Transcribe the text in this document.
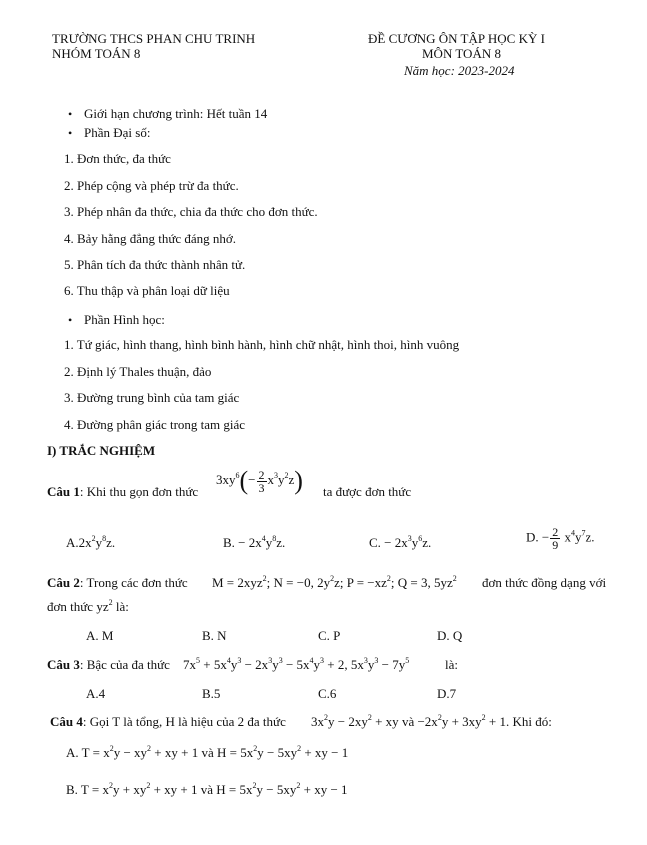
TRƯỜNG THCS PHAN CHU TRINH
NHÓM TOÁN 8
ĐỀ CƯƠNG ÔN TẬP HỌC KỲ I
MÔN TOÁN 8
Năm học: 2023-2024
• Giới hạn chương trình: Hết tuần 14
• Phần Đại số:
1. Đơn thức, đa thức
2. Phép cộng và phép trừ đa thức.
3. Phép nhân đa thức, chia đa thức cho đơn thức.
4. Bảy hằng đẳng thức đáng nhớ.
5. Phân tích đa thức thành nhân tử.
6. Thu thập và phân loại dữ liệu
• Phần Hình học:
1. Tứ giác, hình thang, hình bình hành, hình chữ nhật, hình thoi, hình vuông
2. Định lý Thales thuận, đảo
3. Đường trung bình của tam giác
4. Đường phân giác trong tam giác
I) TRẮC NGHIỆM
Câu 1: Khi thu gọn đơn thức
$3xy^6(- \frac{2}{3} x^3y^2z)$ ta được đơn thức
$A.2x^2y^8z$.	B. − $2x^4y^8z$.	C. − $2x^3y^6z$.	D. − $\frac{2}{9} x^4y^7z$.
Câu 2: Trong các đơn thức M = 2xyz$^2$; N = −0, $2y^2z$; $P = -xz^2$; Q = 3, $5yz^2$ đơn thức đồng dạng với
đơn thức $yz^2$ là:
A. M	B. N	C. P	D. Q
Câu 3: Bậc của đa thức $7x^5 + 5x^4y^3 - 2x^3y^3 - 5x^4y^3 + 2$, $5x^3y^3 - 7y^5$	là:
A.4	B.5	C.6	D.7
Câu 4: Gọi T là tổng, H là hiệu của 2 đa thức $3x^2y - 2xy^2$ + xy và $-2x^2y + 3xy^2 + 1$. Khi đó:
A. $T = x^2y - xy^2$ + xy + 1 và $H = 5x^2y - 5xy^2$ + xy − 1
B. $T = x^2y + xy^2$ + xy + 1 và $H = 5x^2y - 5xy^2$ + xy − 1
